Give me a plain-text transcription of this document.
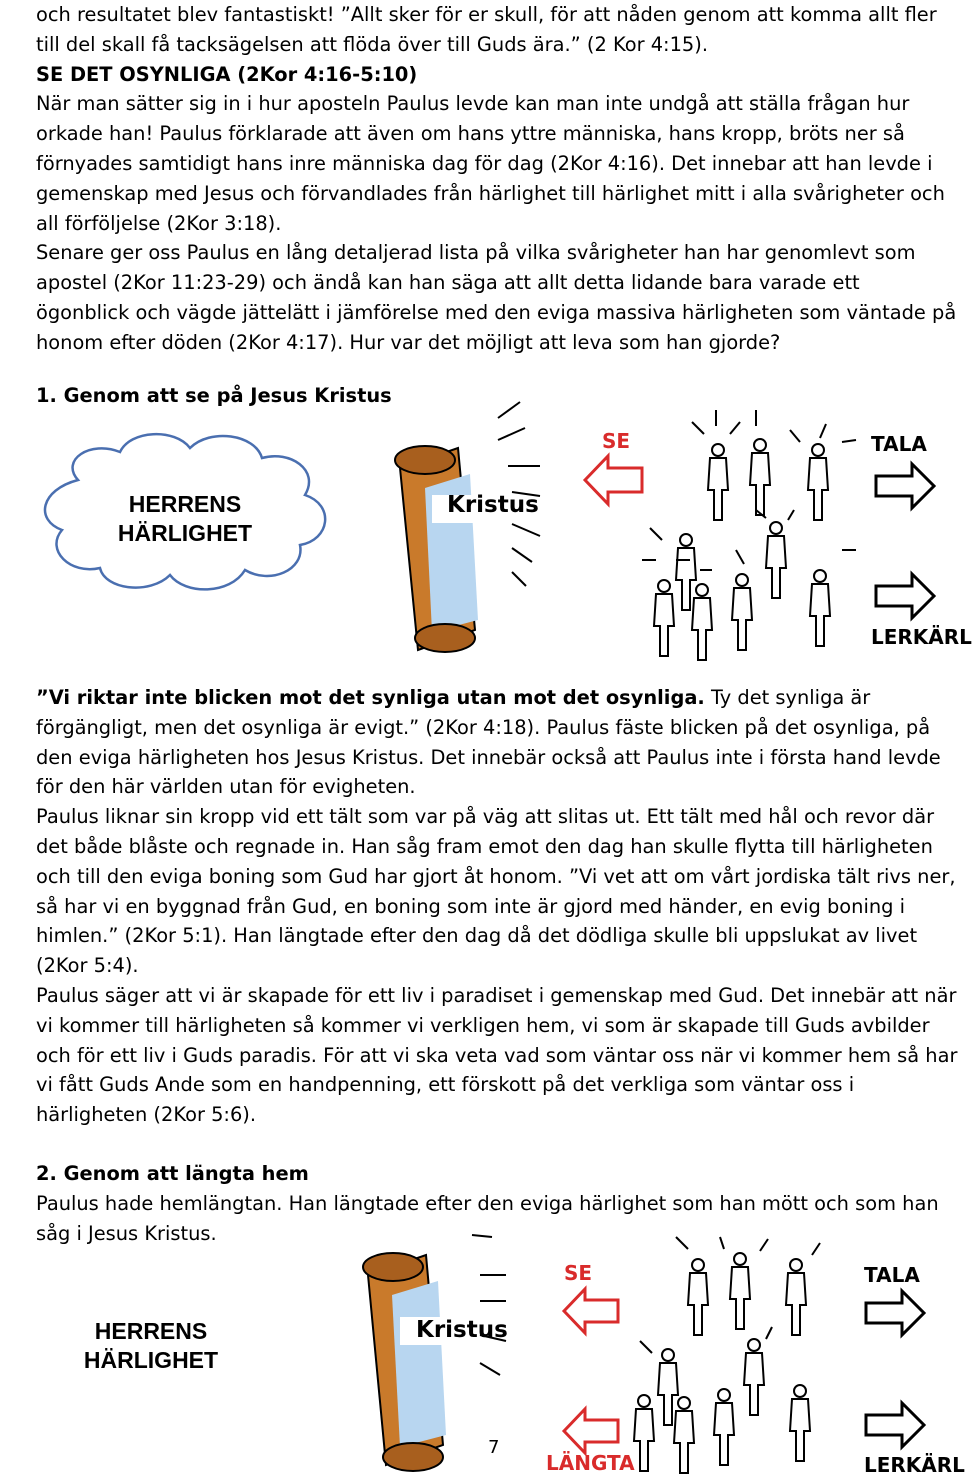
och resultatet blev fantastiskt! ”Allt sker för er skull, för att nåden genom att komma allt fler till del skall få tacksägelsen att flöda över till Guds ära.” (2 Kor 4:15).

SE DET OSYNLIGA (2Kor 4:16-5:10)

När man sätter sig in i hur aposteln Paulus levde kan man inte undgå att ställa frågan hur orkade han! Paulus förklarade att även om hans yttre människa, hans kropp, bröts ner så förnyades samtidigt hans inre människa dag för dag (2Kor 4:16). Det innebar att han levde i gemenskap med Jesus och förvandlades från härlighet till härlighet mitt i alla svårigheter och all förföljelse (2Kor 3:18).

Senare ger oss Paulus en lång detaljerad lista på vilka svårigheter han har genomlevt som apostel (2Kor 11:23-29) och ändå kan han säga att allt detta lidande bara varade ett ögonblick och vägde jättelätt i jämförelse med den eviga massiva härligheten som väntade på honom efter döden (2Kor 4:17). Hur var det möjligt att leva som han gjorde?

1. Genom att se på Jesus Kristus
HERRENS HÄRLIGHET
Kristus
SE	TALA
LERKÄRL

”Vi riktar inte blicken mot det synliga utan mot det osynliga. Ty det synliga är förgängligt, men det osynliga är evigt.” (2Kor 4:18). Paulus fäste blicken på det osynliga, på den eviga härligheten hos Jesus Kristus. Det innebär också att Paulus inte i första hand levde för den här världen utan för evigheten.

Paulus liknar sin kropp vid ett tält som var på väg att slitas ut. Ett tält med hål och revor där det både blåste och regnade in. Han såg fram emot den dag han skulle flytta till härligheten och till den eviga boning som Gud har gjort åt honom. ”Vi vet att om vårt jordiska tält rivs ner, så har vi en byggnad från Gud, en boning som inte är gjord med händer, en evig boning i himlen.” (2Kor 5:1). Han längtade efter den dag då det dödliga skulle bli uppslukat av livet (2Kor 5:4).

Paulus säger att vi är skapade för ett liv i paradiset i gemenskap med Gud. Det innebär att när vi kommer till härligheten så kommer vi verkligen hem, vi som är skapade till Guds avbilder och för ett liv i Guds paradis. För att vi ska veta vad som väntar oss när vi kommer hem så har vi fått Guds Ande som en handpenning, ett förskott på det verkliga som väntar oss i härligheten (2Kor 5:6).

2. Genom att längta hem

Paulus hade hemlängtan. Han längtade efter den eviga härlighet som han mött och som han såg i Jesus Kristus.

HERRENS HÄRLIGHET
Kristus
SE	TALA
LÄNGTA	LERKÄRL
7
